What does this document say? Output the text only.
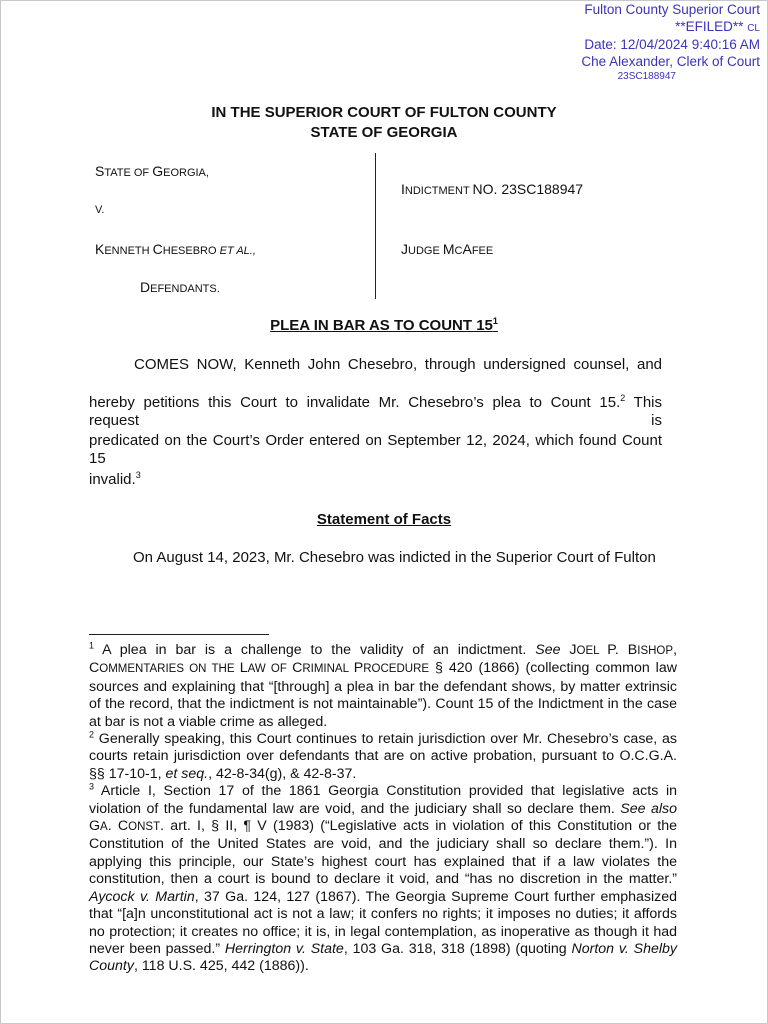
Fulton County Superior Court
**EFILED** CL
Date: 12/04/2024 9:40:16 AM
Che Alexander, Clerk of Court
23SC188947
IN THE SUPERIOR COURT OF FULTON COUNTY
STATE OF GEORGIA
STATE OF GEORGIA,
V.
KENNETH CHESEBRO ET AL.,
DEFENDANTS.
INDICTMENT NO. 23SC188947
JUDGE MCAFEE
PLEA IN BAR AS TO COUNT $15^1$
COMES NOW, Kenneth John Chesebro, through undersigned counsel, and
hereby petitions this Court to invalidate Mr. Chesebro’s plea to Count 15.$^2$ This request is
predicated on the Court’s Order entered on September 12, 2024, which found Count 15
invalid.$^3$
Statement of Facts
On August 14, 2023, Mr. Chesebro was indicted in the Superior Court of Fulton

$^1$ A plea in bar is a challenge to the validity of an indictment. See JOEL P. BISHOP, COMMENTARIES ON THE LAW OF CRIMINAL PROCEDURE § 420 (1866) (collecting common law sources and explaining that “[through] a plea in bar the defendant shows, by matter extrinsic of the record, that the indictment is not maintainable”). Count 15 of the Indictment in the case at bar is not a viable crime as alleged.

$^2$ Generally speaking, this Court continues to retain jurisdiction over Mr. Chesebro’s case, as courts retain jurisdiction over defendants that are on active probation, pursuant to O.C.G.A. §§ 17-10-1, et seq., 42-8-34(g), & 42-8-37.

$^3$ Article I, Section 17 of the 1861 Georgia Constitution provided that legislative acts in violation of the fundamental law are void, and the judiciary shall so declare them. See also GA. CONST. art. I, § II, ¶ V (1983) (“Legislative acts in violation of this Constitution or the Constitution of the United States are void, and the judiciary shall so declare them.”). In applying this principle, our State’s highest court has explained that if a law violates the constitution, then a court is bound to declare it void, and “has no discretion in the matter.” Aycock v. Martin, 37 Ga. 124, 127 (1867). The Georgia Supreme Court further emphasized that “[a]n unconstitutional act is not a law; it confers no rights; it imposes no duties; it affords no protection; it creates no office; it is, in legal contemplation, as inoperative as though it had never been passed.” Herrington v. State, 103 Ga. 318, 318 (1898) (quoting Norton v. Shelby County, 118 U.S. 425, 442 (1886)).
